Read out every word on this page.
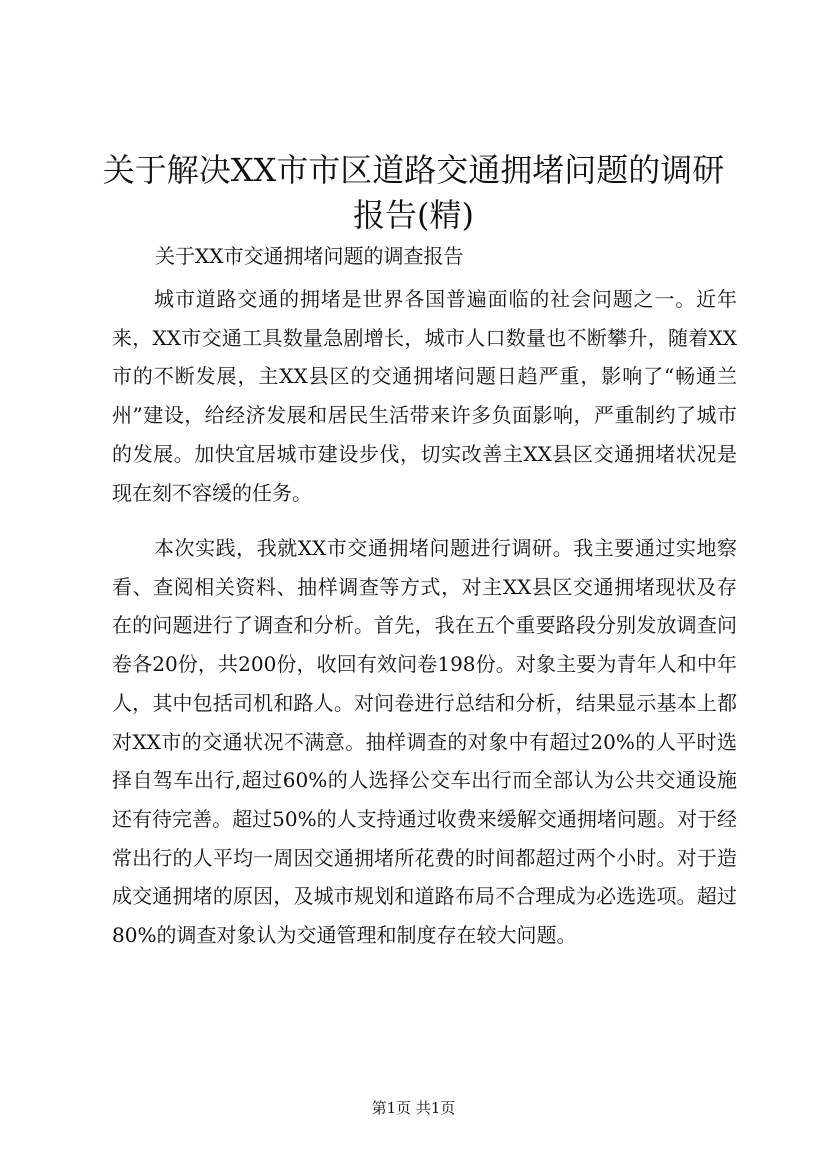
关于解决XX市市区道路交通拥堵问题的调研
报告(精)

关于XX市交通拥堵问题的调查报告

城市道路交通的拥堵是世界各国普遍面临的社会问题之一。近年来，XX市交通工具数量急剧增长，城市人口数量也不断攀升，随着XX市的不断发展，主XX县区的交通拥堵问题日趋严重，影响了“畅通兰州”建设，给经济发展和居民生活带来许多负面影响，严重制约了城市的发展。加快宜居城市建设步伐，切实改善主XX县区交通拥堵状况是现在刻不容缓的任务。

本次实践，我就XX市交通拥堵问题进行调研。我主要通过实地察看、查阅相关资料、抽样调查等方式，对主XX县区交通拥堵现状及存在的问题进行了调查和分析。首先，我在五个重要路段分别发放调查问卷各20份，共200份，收回有效问卷198份。对象主要为青年人和中年人，其中包括司机和路人。对问卷进行总结和分析，结果显示基本上都对XX市的交通状况不满意。抽样调查的对象中有超过20%的人平时选择自驾车出行,超过60%的人选择公交车出行而全部认为公共交通设施还有待完善。超过50%的人支持通过收费来缓解交通拥堵问题。对于经常出行的人平均一周因交通拥堵所花费的时间都超过两个小时。对于造成交通拥堵的原因，及城市规划和道路布局不合理成为必选选项。超过80%的调查对象认为交通管理和制度存在较大问题。

第1页 共1页
